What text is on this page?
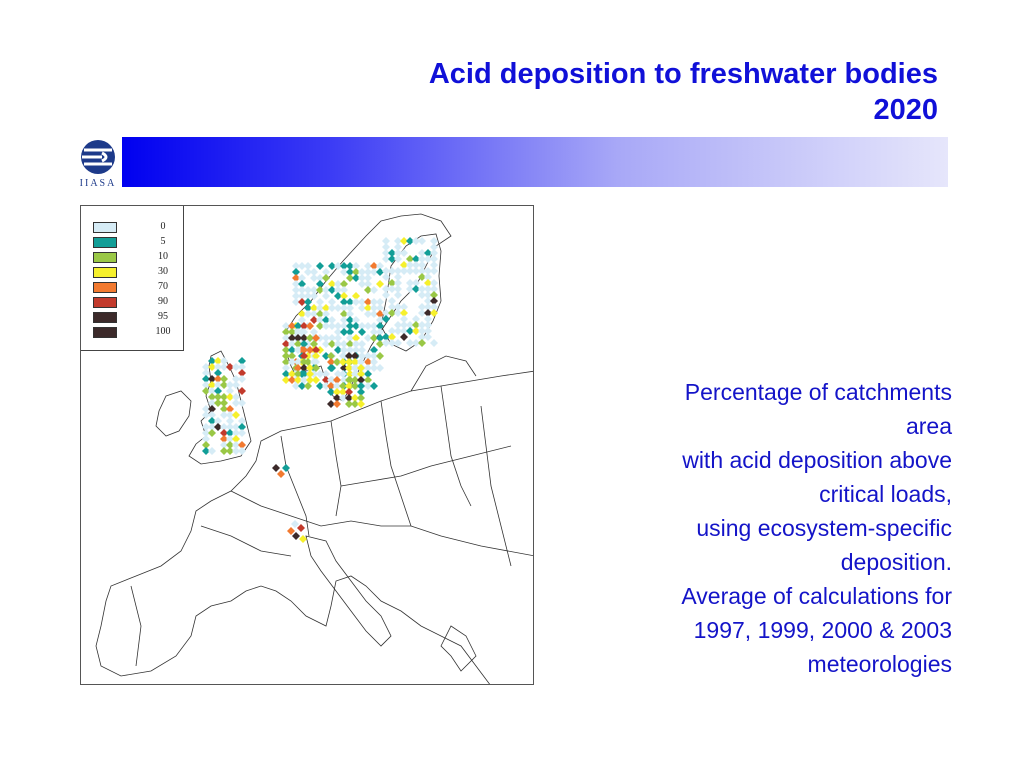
Acid deposition to freshwater bodies
2020
IIASA
0
5
10
30
70
90
95
100
Percentage of catchments
area
with acid deposition above
critical loads,
using ecosystem-specific
deposition.
Average of calculations for
1997, 1999, 2000 & 2003
meteorologies
